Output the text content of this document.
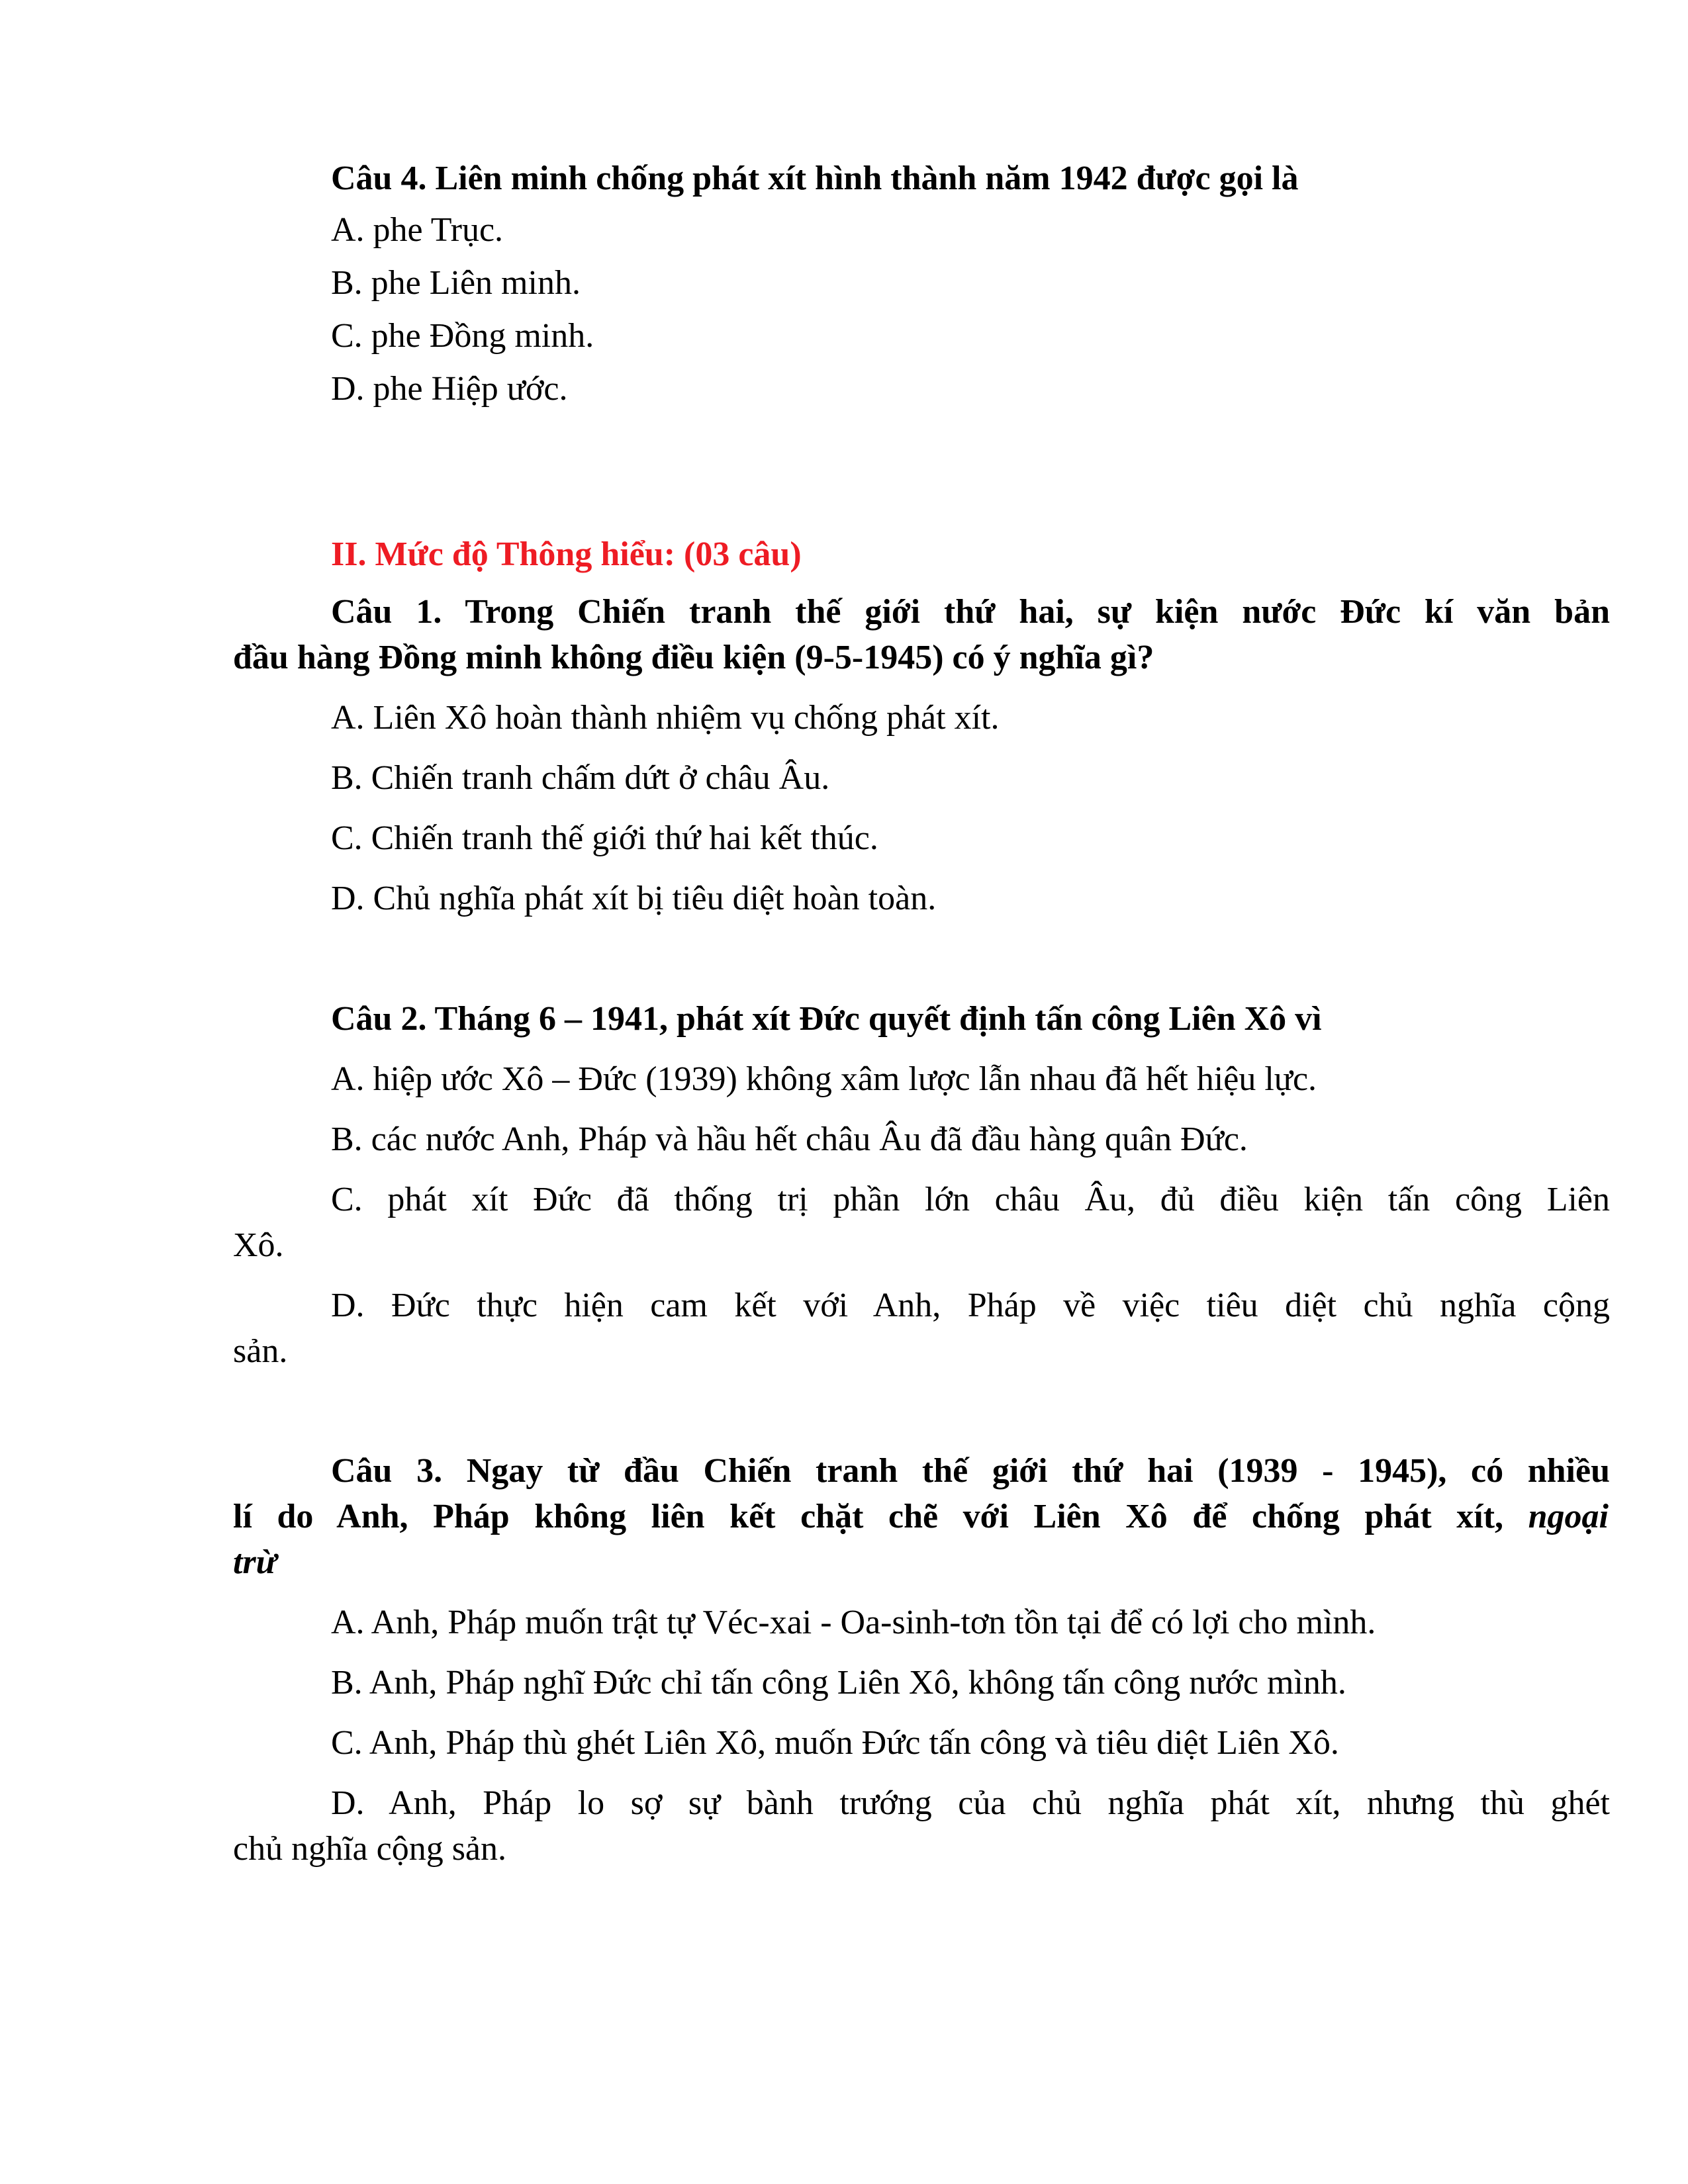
Câu 4. Liên minh chống phát xít hình thành năm 1942 được gọi là
A. phe Trục.
B. phe Liên minh.
C. phe Đồng minh.
D. phe Hiệp ước.
II. Mức độ Thông hiểu: (03 câu)
Câu 1. Trong Chiến tranh thế giới thứ hai, sự kiện nước Đức kí văn bản
đầu hàng Đồng minh không điều kiện (9-5-1945) có ý nghĩa gì?
A. Liên Xô hoàn thành nhiệm vụ chống phát xít.
B. Chiến tranh chấm dứt ở châu Âu.
C. Chiến tranh thế giới thứ hai kết thúc.
D. Chủ nghĩa phát xít bị tiêu diệt hoàn toàn.
Câu 2. Tháng 6 – 1941, phát xít Đức quyết định tấn công Liên Xô vì
A. hiệp ước Xô – Đức (1939) không xâm lược lẫn nhau đã hết hiệu lực.
B. các nước Anh, Pháp và hầu hết châu Âu đã đầu hàng quân Đức.
C. phát xít Đức đã thống trị phần lớn châu Âu, đủ điều kiện tấn công Liên
Xô.
D. Đức thực hiện cam kết với Anh, Pháp về việc tiêu diệt chủ nghĩa cộng
sản.
Câu 3. Ngay từ đầu Chiến tranh thế giới thứ hai (1939 - 1945), có nhiều
lí do Anh, Pháp không liên kết chặt chẽ với Liên Xô để chống phát xít, ngoại
trừ
A. Anh, Pháp muốn trật tự Véc-xai - Oa-sinh-tơn tồn tại để có lợi cho mình.
B. Anh, Pháp nghĩ Đức chỉ tấn công Liên Xô, không tấn công nước mình.
C. Anh, Pháp thù ghét Liên Xô, muốn Đức tấn công và tiêu diệt Liên Xô.
D. Anh, Pháp lo sợ sự bành trướng của chủ nghĩa phát xít, nhưng thù ghét
chủ nghĩa cộng sản.
